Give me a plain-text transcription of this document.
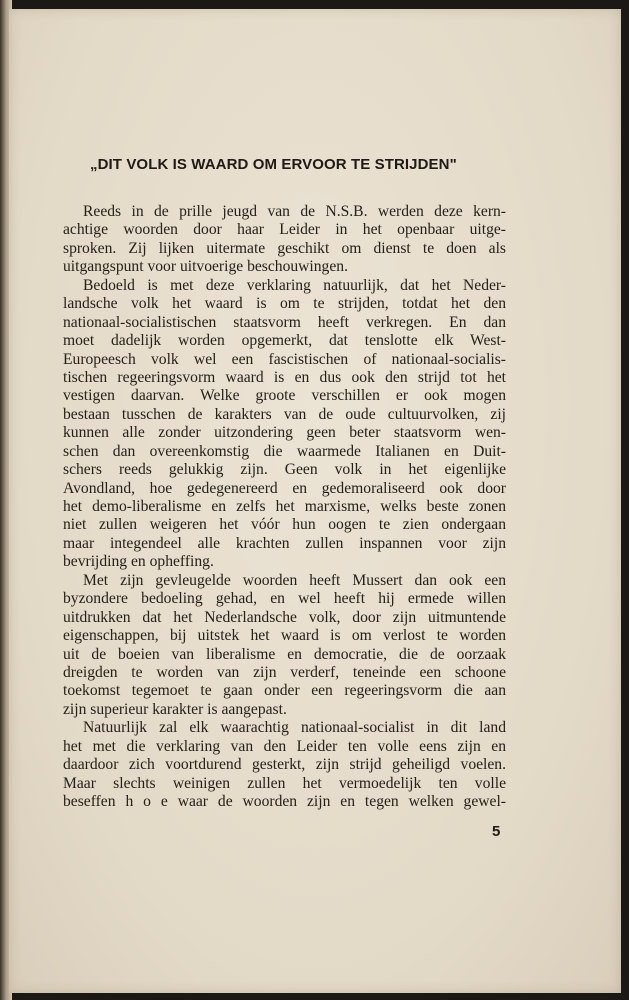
„DIT VOLK IS WAARD OM ERVOOR TE STRIJDEN"
Reeds in de prille jeugd van de N.S.B. werden deze kern-
achtige woorden door haar Leider in het openbaar uitge-
sproken. Zij lijken uitermate geschikt om dienst te doen als
uitgangspunt voor uitvoerige beschouwingen.
Bedoeld is met deze verklaring natuurlijk, dat het Neder-
landsche volk het waard is om te strijden, totdat het den
nationaal-socialistischen staatsvorm heeft verkregen. En dan
moet dadelijk worden opgemerkt, dat tenslotte elk West-
Europeesch volk wel een fascistischen of nationaal-socialis-
tischen regeeringsvorm waard is en dus ook den strijd tot het
vestigen daarvan. Welke groote verschillen er ook mogen
bestaan tusschen de karakters van de oude cultuurvolken, zij
kunnen alle zonder uitzondering geen beter staatsvorm wen-
schen dan overeenkomstig die waarmede Italianen en Duit-
schers reeds gelukkig zijn. Geen volk in het eigenlijke
Avondland, hoe gedegenereerd en gedemoraliseerd ook door
het demo-liberalisme en zelfs het marxisme, welks beste zonen
niet zullen weigeren het vóór hun oogen te zien ondergaan
maar integendeel alle krachten zullen inspannen voor zijn
bevrijding en opheffing.
Met zijn gevleugelde woorden heeft Mussert dan ook een
byzondere bedoeling gehad, en wel heeft hij ermede willen
uitdrukken dat het Nederlandsche volk, door zijn uitmuntende
eigenschappen, bij uitstek het waard is om verlost te worden
uit de boeien van liberalisme en democratie, die de oorzaak
dreigden te worden van zijn verderf, teneinde een schoone
toekomst tegemoet te gaan onder een regeeringsvorm die aan
zijn superieur karakter is aangepast.
Natuurlijk zal elk waarachtig nationaal-socialist in dit land
het met die verklaring van den Leider ten volle eens zijn en
daardoor zich voortdurend gesterkt, zijn strijd geheiligd voelen.
Maar slechts weinigen zullen het vermoedelijk ten volle
beseffen h o e waar de woorden zijn en tegen welken gewel-
5
